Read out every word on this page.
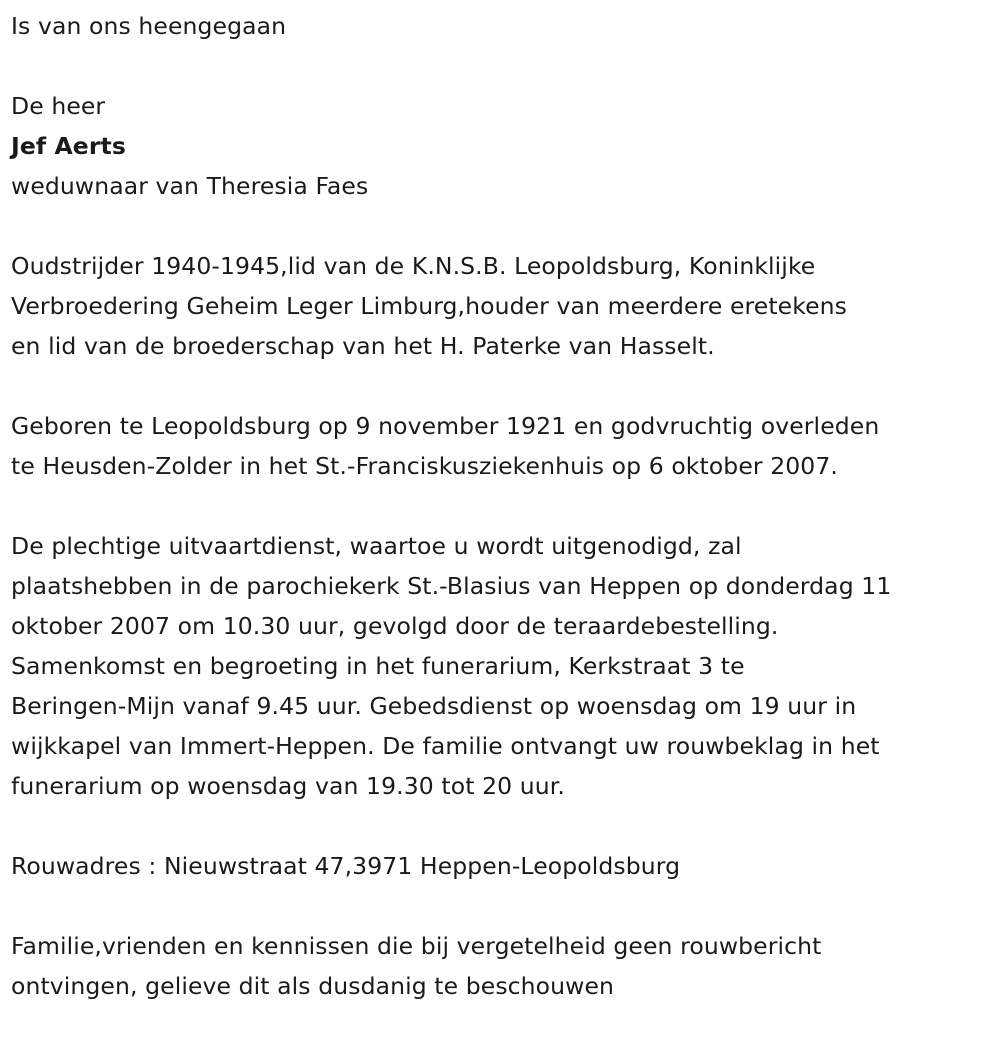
Is van ons heengegaan

De heer

Jef Aerts

weduwnaar van Theresia Faes

Oudstrijder 1940-1945,lid van de K.N.S.B. Leopoldsburg, Koninklijke
Verbroedering Geheim Leger Limburg,houder van meerdere eretekens
en lid van de broederschap van het H. Paterke van Hasselt.

Geboren te Leopoldsburg op 9 november 1921 en godvruchtig overleden
te Heusden-Zolder in het St.-Franciskusziekenhuis op 6 oktober 2007.

De plechtige uitvaartdienst, waartoe u wordt uitgenodigd, zal
plaatshebben in de parochiekerk St.-Blasius van Heppen op donderdag 11
oktober 2007 om 10.30 uur, gevolgd door de teraardebestelling.
Samenkomst en begroeting in het funerarium, Kerkstraat 3 te
Beringen-Mijn vanaf 9.45 uur. Gebedsdienst op woensdag om 19 uur in
wijkkapel van Immert-Heppen. De familie ontvangt uw rouwbeklag in het
funerarium op woensdag van 19.30 tot 20 uur.

Rouwadres : Nieuwstraat 47,3971 Heppen-Leopoldsburg

Familie,vrienden en kennissen die bij vergetelheid geen rouwbericht
ontvingen, gelieve dit als dusdanig te beschouwen
